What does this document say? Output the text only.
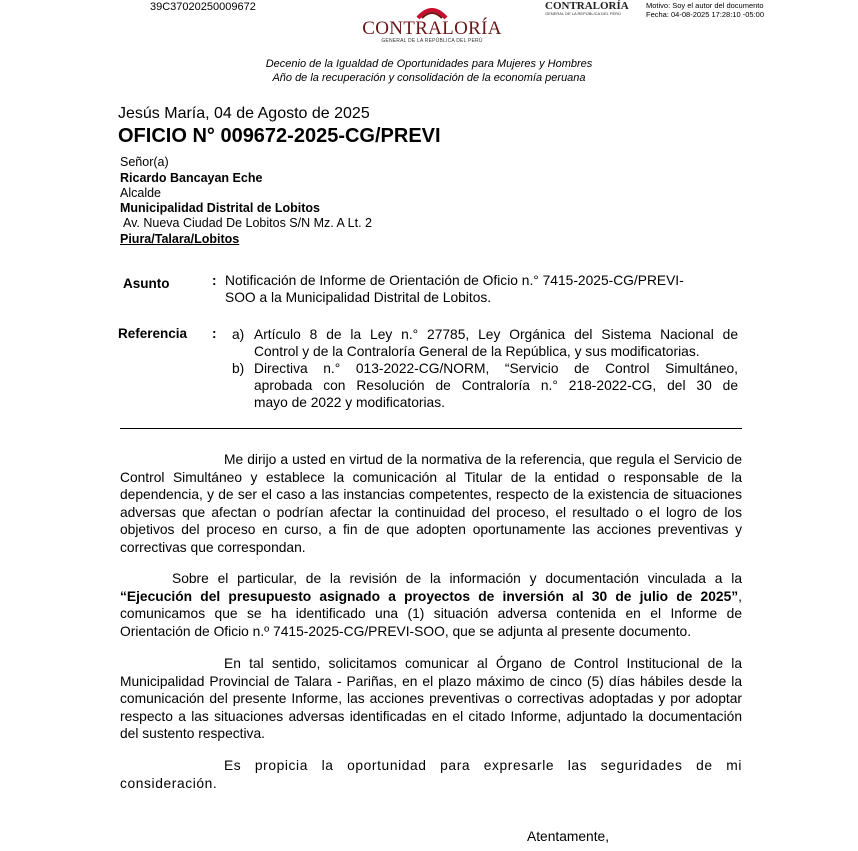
39C37020250009672
CONTRALORÍA
GENERAL DE LA REPÚBLICA DEL PERÚ
CONTRALORÍA
GENERAL DE LA REPÚBLICA DEL PERÚ
Motivo: Soy el autor del documento
Fecha: 04-08-2025 17:28:10 -05:00
Decenio de la Igualdad de Oportunidades para Mujeres y Hombres
Año de la recuperación y consolidación de la economía peruana
Jesús María, 04 de Agosto de 2025
OFICIO N° 009672-2025-CG/PREVI
Señor(a)
Ricardo Bancayan Eche
Alcalde
Municipalidad Distrital de Lobitos
Av. Nueva Ciudad De Lobitos S/N Mz. A Lt. 2
Piura/Talara/Lobitos
Asunto	: Notificación de Informe de Orientación de Oficio n.° 7415-2025-CG/PREVI-
SOO a la Municipalidad Distrital de Lobitos.
Referencia : a) Artículo 8 de la Ley n.° 27785, Ley Orgánica del Sistema Nacional de
Control y de la Contraloría General de la República, y sus modificatorias.
b) Directiva n.° 013-2022-CG/NORM, “Servicio de Control Simultáneo,
aprobada con Resolución de Contraloría n.° 218-2022-CG, del 30 de
mayo de 2022 y modificatorias.
Me dirijo a usted en virtud de la normativa de la referencia, que regula el Servicio de Control Simultáneo y establece la comunicación al Titular de la entidad o responsable de la dependencia, y de ser el caso a las instancias competentes, respecto de la existencia de situaciones adversas que afectan o podrían afectar la continuidad del proceso, el resultado o el logro de los objetivos del proceso en curso, a fin de que adopten oportunamente las acciones preventivas y correctivas que correspondan.
Sobre el particular, de la revisión de la información y documentación vinculada a la “Ejecución del presupuesto asignado a proyectos de inversión al 30 de julio de 2025”, comunicamos que se ha identificado una (1) situación adversa contenida en el Informe de Orientación de Oficio n.º 7415-2025-CG/PREVI-SOO, que se adjunta al presente documento.
En tal sentido, solicitamos comunicar al Órgano de Control Institucional de la Municipalidad Provincial de Talara - Pariñas, en el plazo máximo de cinco (5) días hábiles desde la comunicación del presente Informe, las acciones preventivas o correctivas adoptadas y por adoptar respecto a las situaciones adversas identificadas en el citado Informe, adjuntado la documentación del sustento respectiva.
Es propicia la oportunidad para expresarle las seguridades de mi consideración.
Atentamente,
